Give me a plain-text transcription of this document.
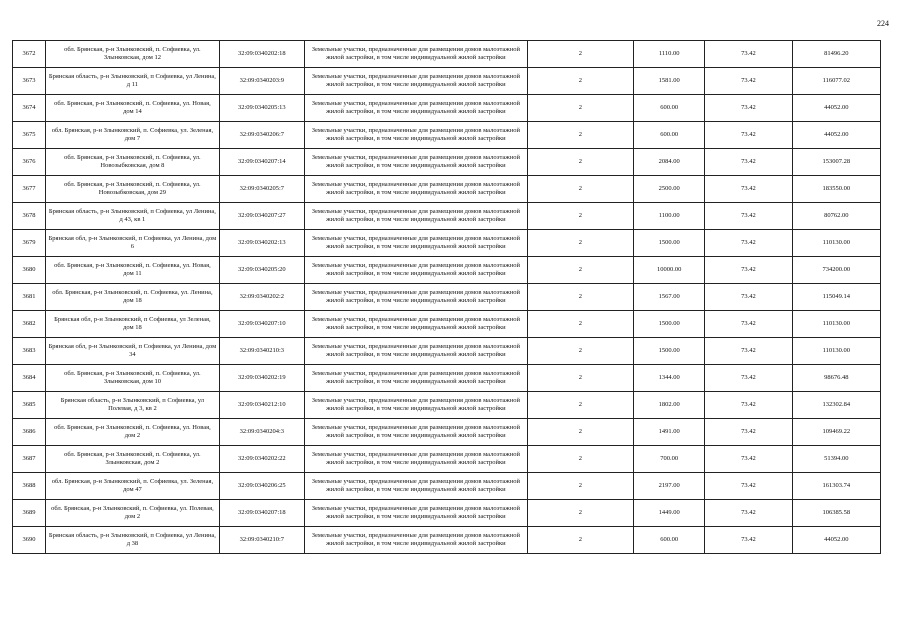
224
3672	обл. Брянская, р-н Злынковский, п. Софиевка, ул. Злынковская, дом 12	32:09:0340202:18	Земельные участки, предназначенные для размещения домов малоэтажной жилой застройки, в том числе индивидуальной жилой застройки	2	1110.00	73.42	81496.20
3673	Брянская область, р-н Злынковский, п Софиевка, ул Ленина, д 11	32:09:0340203:9	Земельные участки, предназначенные для размещения домов малоэтажной жилой застройки, в том числе индивидуальной жилой застройки	2	1581.00	73.42	116077.02
3674	обл. Брянская, р-н Злынковский, п. Софиевка, ул. Новая, дом 14	32:09:0340205:13	Земельные участки, предназначенные для размещения домов малоэтажной жилой застройки, в том числе индивидуальной жилой застройки	2	600.00	73.42	44052.00
3675	обл. Брянская, р-н Злынковский, п. Софиевка, ул. Зеленая, дом 7	32:09:0340206:7	Земельные участки, предназначенные для размещения домов малоэтажной жилой застройки, в том числе индивидуальной жилой застройки	2	600.00	73.42	44052.00
3676	обл. Брянская, р-н Злынковский, п. Софиевка, ул. Новозыбковская, дом 8	32:09:0340207:14	Земельные участки, предназначенные для размещения домов малоэтажной жилой застройки, в том числе индивидуальной жилой застройки	2	2084.00	73.42	153007.28
3677	обл. Брянская, р-н Злынковский, п. Софиевка, ул. Новозыбковская, дом 29	32:09:0340205:7	Земельные участки, предназначенные для размещения домов малоэтажной жилой застройки, в том числе индивидуальной жилой застройки	2	2500.00	73.42	183550.00
3678	Брянская область, р-н Злынковский, п Софиевка, ул Ленина, д 43, кв 1	32:09:0340207:27	Земельные участки, предназначенные для размещения домов малоэтажной жилой застройки, в том числе индивидуальной жилой застройки	2	1100.00	73.42	80762.00
3679	Брянская обл, р-н Злынковский, п Софиевка, ул Ленина, дом 6	32:09:0340202:13	Земельные участки, предназначенные для размещения домов малоэтажной жилой застройки, в том числе индивидуальной жилой застройки	2	1500.00	73.42	110130.00
3680	обл. Брянская, р-н Злынковский, п. Софиевка, ул. Новая, дом 11	32:09:0340205:20	Земельные участки, предназначенные для размещения домов малоэтажной жилой застройки, в том числе индивидуальной жилой застройки	2	10000.00	73.42	734200.00
3681	обл. Брянская, р-н Злынковский, п. Софиевка, ул. Ленина, дом 18	32:09:0340202:2	Земельные участки, предназначенные для размещения домов малоэтажной жилой застройки, в том числе индивидуальной жилой застройки	2	1567.00	73.42	115049.14
3682	Брянская обл, р-н Злынковский, п Софиевка, ул Зеленая, дом 18	32:09:0340207:10	Земельные участки, предназначенные для размещения домов малоэтажной жилой застройки, в том числе индивидуальной жилой застройки	2	1500.00	73.42	110130.00
3683	Брянская обл, р-н Злынковский, п Софиевка, ул Ленина, дом 34	32:09:0340210:3	Земельные участки, предназначенные для размещения домов малоэтажной жилой застройки, в том числе индивидуальной жилой застройки	2	1500.00	73.42	110130.00
3684	обл. Брянская, р-н Злынковский, п. Софиевка, ул. Злынковская, дом 10	32:09:0340202:19	Земельные участки, предназначенные для размещения домов малоэтажной жилой застройки, в том числе индивидуальной жилой застройки	2	1344.00	73.42	98676.48
3685	Брянская область, р-н Злынковский, п Софиевка, ул Полевая, д 3, кв 2	32:09:0340212:10	Земельные участки, предназначенные для размещения домов малоэтажной жилой застройки, в том числе индивидуальной жилой застройки	2	1802.00	73.42	132302.84
3686	обл. Брянская, р-н Злынковский, п. Софиевка, ул. Новая, дом 2	32:09:0340204:3	Земельные участки, предназначенные для размещения домов малоэтажной жилой застройки, в том числе индивидуальной жилой застройки	2	1491.00	73.42	109469.22
3687	обл. Брянская, р-н Злынковский, п. Софиевка, ул. Злынковская, дом 2	32:09:0340202:22	Земельные участки, предназначенные для размещения домов малоэтажной жилой застройки, в том числе индивидуальной жилой застройки	2	700.00	73.42	51394.00
3688	обл. Брянская, р-н Злынковский, п. Софиевка, ул. Зеленая, дом 47	32:09:0340206:25	Земельные участки, предназначенные для размещения домов малоэтажной жилой застройки, в том числе индивидуальной жилой застройки	2	2197.00	73.42	161303.74
3689	обл. Брянская, р-н Злынковский, п. Софиевка, ул. Полевая, дом 2	32:09:0340207:18	Земельные участки, предназначенные для размещения домов малоэтажной жилой застройки, в том числе индивидуальной жилой застройки	2	1449.00	73.42	106385.58
3690	Брянская область, р-н Злынковский, п Софиевка, ул Ленина, д 38	32:09:0340210:7	Земельные участки, предназначенные для размещения домов малоэтажной жилой застройки, в том числе индивидуальной жилой застройки	2	600.00	73.42	44052.00
